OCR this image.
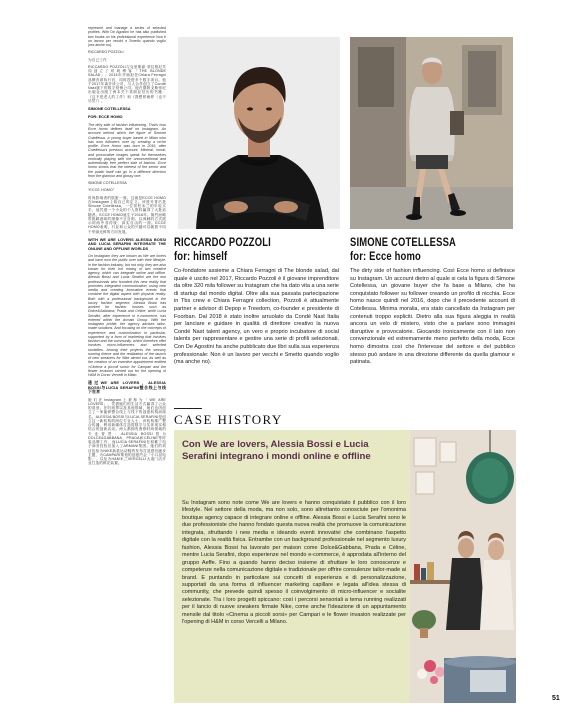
represent and manage a series of selected profiles. With De Agostini he has also published two books on his professional experience Non è un lavoro per vecchi e Smetto quando voglio (ma anche no).

RICCARDO POZZOLI

为自己工作

RICCARDO POZZOLI与克里斯嘉·菲拉格尼共同创立了时尚博客「THE BLONDE SALAD」。2015年开始担任Chiara Ferragni品牌首席执行官，同时投资多个数字项目。他于2017年离开该公司，与人合作创立了Condé Nast旗下的数字营销公司。他在德阿戈斯蒂尼出版社出版了两本关于其职业经历的书籍：《这不是老人的工作》和《我想停就停（也不尽然）》。

SIMONE COTELLESSA

FOR: ECCE HOMO

The dirty side of fashion influencing. That's how Ecce homo defines itself on Instagram. An account behind which the figure of Simone Cotellessa, a young buyer based in Milan who has won followers over by creating a niche profile. Ecce Homo was born in 2016, after Cotellessa's previous account. Minimal, moral, and provocative images speak for themselves ironically playing with the unconventional and authentically free perfect side of fashion. Ecce homo shows that the interest of the sector and the public itself can go in a different direction from the glamour and glossy one.

SIMONE COTELLESSA

“ECCE HOMO”

时尚影响者的肮脏一面。这就是ECCE HOMO在Instagram上给自己的定义。该账号背后是Simone Cotellessa，一位常驻米兰的年轻买手，他凭借一个小众的个人资料赢得了大批追随者。ECCE HOMO诞生于2016年。简约而略带挑衅意味的图像不言自明，以讽刺的方式展示时尚中非传统、真实自由的一面。ECCE HOMO表明，行业和公众的兴趣可以朝着不同于华丽光鲜的方向发展。

WITH WE ARE LOVERS ALESSIA BOSSI AND LUCIA SERAFINI INTEGRATE THE ONLINE AND OFFLINE WORLDS

On Instagram they are known as We are lovers and have won the public over with their lifestyle. In the fashion industry, but not only, they are also known for their hot mixing of two creative agency, which can integrate online and offline. Alessia Bossi and Lucia Serafini are the two professionals who founded this new reality that promotes integrated communication, using new media and creating innovative events that combine the digital aspect with physical reality. Both with a professional background in the luxury fashion segment, Alessia Bossi has worked for fashion houses such as Dolce&Gabbana, Prada and Céline, while Lucia Serafini, after experience in e-commerce, has entered within the Armani Group. With the Instagram profile, the agency advises tailor-made solutions. And focusing on the concepts of experience and customization in particular, supported by a form of marketing that involves fashion and the community, which therefore offer involves micro-influencers and selected socialites. Among their projects the sensory running theme and the realization of the launch of new sneakers for Nike aimed out, as well as the creation of an inventive appointment entitled «Cinema a piccoli sorsi» for Campari and the flower invasion carried out for the opening of H&M in Corso Vercelli in Milan.

通过WE ARE LOVERS，ALESSIA BOSSI与LUCIA SERAFINI整合线上与线下世界

她们在Instagram上被称为「WE ARE LOVERS」，凭借她们的生活方式赢得了公众的喜爱。在时尚界以及其他领域，她们也因创立了一家能够整合线上与线下的创意机构而闻名。ALESSIA BOSSI与LUCIA SERAFINI是创立这一新机构的两位专业人士，该机构推广整合传播，利用新媒体打造将数字与实体现实相结合的创新活动。两人都拥有奢侈时尚领域的专业背景：ALESSIA BOSSI曾为DOLCE&GABBANA、PRADA和CÉLINE等时装品牌工作，而LUCIA SERAFINI在积累了电子商务经验后加入了ARMANI集团。她们的项目包括为NIKE新款运动鞋的发布打造感官跑步主题、为CAMPARI策划的创意约会「小口品电影」，以及为H&M米兰VERCELLI大道门店开业打造的鲜花装置。

RICCARDO POZZOLI
for: himself
SIMONE COTELLESSA
for: Ecce homo

Co-fondatore assieme a Chiara Ferragni di The blonde salad, dal quale è uscito nel 2017, Riccardo Pozzoli è il giovane imprenditore da oltre 320 mila follower su Instagram che ha dato vita a una serie di startup dal mondo digital. Oltre alla sua passata partecipazione in Tbs crew e Chiara Ferragni collection, Pozzoli è attualmente partner e advisor di Depop e Treedom, co-founder e presidente di Foorban. Dal 2018 è stato inoltre arruolato da Condé Nast Italia per lanciare e guidare in qualità di direttore creativo la nuova Condé Nast talent agency, un vero e proprio incubatore di social talents per rappresentare e gestire una serie di profili selezionati. Con De Agostini ha anche pubblicato due libri sulla sua esperienza professionale: Non è un lavoro per vecchi e Smetto quando voglio (ma anche no).

The dirty side of fashion influencing. Così Ecce homo si definisce su Instagram. Un account dietro al quale si cela la figura di Simone Cotellessa, un giovane buyer che fa base a Milano, che ha conquistato follower su follower creando un profilo di nicchia. Ecce homo nasce quindi nel 2016, dopo che il precedente account di Cotellessa. Minima moralia, era stato cancellato da Instagram per contenuti troppo espliciti. Dietro alla sua figura aleggia in realtà ancora un velo di mistero, visto che a parlare sono immagini disruptive e provocatorie. Giocando ironicamente con il lato non convenzionale ed estremamente meno perfetto della moda, Ecce homo dimostra così che l'interesse del settore e del pubblico stesso può andare in una direzione differente da quella glamour e patinata.

CASE HISTORY
Con We are lovers, Alessia Bossi e Lucia Serafini integrano i mondi online e offline

Su Instagram sono note come We are lovers e hanno conquistato il pubblico con il loro lifestyle. Nel settore della moda, ma non solo, sono altrettanto conosciute per l'omonima boutique agency capace di integrare online e offline. Alessia Bossi e Lucia Serafini sono le due professioniste che hanno fondato questa nuova realtà che promuove la comunicazione integrata, sfruttando i new media e ideando eventi innovativi che combinano l'aspetto digitale con la realtà fisica. Entrambe con un background professionale nel segmento luxury fashion, Alessia Bossi ha lavorato per maison come Dolce&Gabbana, Prada e Céline, mentre Lucia Serafini, dopo esperienze nel mondo e-commerce, è approdata all'interno del gruppo Aeffe. Fino a quando hanno deciso insieme di sfruttare le loro conoscenze e competenze nella comunicazione digitale e tradizionale per offrire consulenze tailor-made ai brand. E puntando in particolare sui concetti di esperienza e di personalizzazione, supportati da una forma di influencer marketing capillare e legata all'idea stessa di community, che prevede quindi spesso il coinvolgimento di micro-influencer e socialite selezionate. Tra i loro progetti spiccano: così i percorsi sensoriali a tema running realizzati per il lancio di nuove sneakers firmate Nike, come anche l'ideazione di un appuntamento mensile dal titolo «Cinema a piccoli sorsi» per Campari e le flower invasion realizzate per l'opening di H&M in corso Vercelli a Milano.

51
